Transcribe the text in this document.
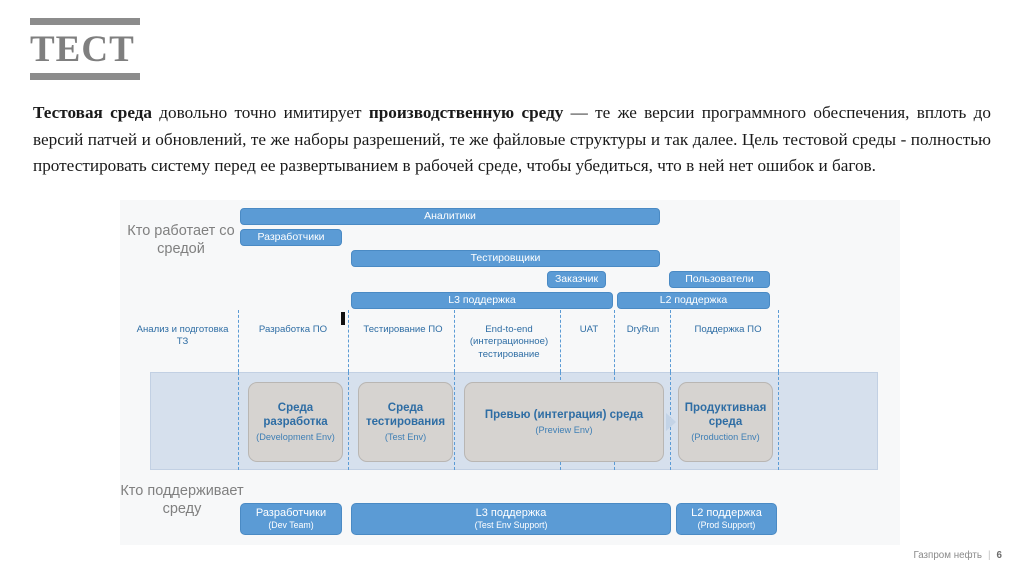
ТЕСТ
Тестовая среда довольно точно имитирует производственную среду — те же версии программного обеспечения, вплоть до версий патчей и обновлений, те же наборы разрешений, те же файловые структуры и так далее. Цель тестовой среды - полностью протестировать систему перед ее развертыванием в рабочей среде, чтобы убедиться, что в ней нет ошибок и багов.
Кто работает со средой
Кто поддерживает среду
Аналитики
Разработчики
Тестировщики
Заказчик	Пользователи
L3 поддержка	L2 поддержка
Анализ и подготовка ТЗ
Разработка ПО	Тестирование ПО	End-to-end (интеграционное) тестирование
UAT	DryRun	Поддержка ПО
Среда разработка
(Development Env)
Среда тестирования
(Test Env)
Превью (интеграция) среда
(Preview Env)
Продуктивная среда
(Production Env)
Разработчики
(Dev Team)
L3 поддержка
(Test Env Support)
L2 поддержка
(Prod Support)
Газпром нефть | 6
